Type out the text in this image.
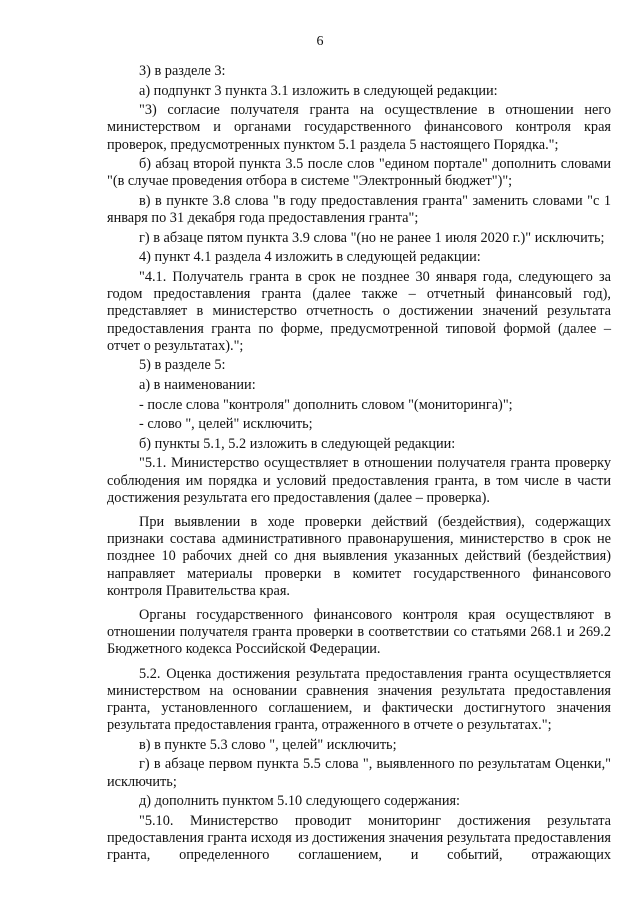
6

3) в разделе 3:

а) подпункт 3 пункта 3.1 изложить в следующей редакции:

"3) согласие получателя гранта на осуществление в отношении него министерством и органами государственного финансового контроля края проверок, предусмотренных пунктом 5.1 раздела 5 настоящего Порядка.";

б) абзац второй пункта 3.5 после слов "едином портале" дополнить словами "(в случае проведения отбора в системе "Электронный бюджет")";

в) в пункте 3.8 слова "в году предоставления гранта" заменить словами "с 1 января по 31 декабря года предоставления гранта";

г) в абзаце пятом пункта 3.9 слова "(но не ранее 1 июля 2020 г.)" исключить;

4) пункт 4.1 раздела 4 изложить в следующей редакции:

"4.1. Получатель гранта в срок не позднее 30 января года, следующего за годом предоставления гранта (далее также – отчетный финансовый год), представляет в министерство отчетность о достижении значений результата предоставления гранта по форме, предусмотренной типовой формой (далее – отчет о результатах).";

5) в разделе 5:

а) в наименовании:

- после слова "контроля" дополнить словом "(мониторинга)";

- слово ", целей" исключить;

б) пункты 5.1, 5.2 изложить в следующей редакции:

"5.1. Министерство осуществляет в отношении получателя гранта проверку соблюдения им порядка и условий предоставления гранта, в том числе в части достижения результата его предоставления (далее – проверка).

При выявлении в ходе проверки действий (бездействия), содержащих признаки состава административного правонарушения, министерство в срок не позднее 10 рабочих дней со дня выявления указанных действий (бездействия) направляет материалы проверки в комитет государственного финансового контроля Правительства края.

Органы государственного финансового контроля края осуществляют в отношении получателя гранта проверки в соответствии со статьями 268.1 и 269.2 Бюджетного кодекса Российской Федерации.

5.2. Оценка достижения результата предоставления гранта осуществляется министерством на основании сравнения значения результата предоставления гранта, установленного соглашением, и фактически достигнутого значения результата предоставления гранта, отраженного в отчете о результатах.";

в) в пункте 5.3 слово ", целей" исключить;

г) в абзаце первом пункта 5.5 слова ", выявленного по результатам Оценки," исключить;

д) дополнить пунктом 5.10 следующего содержания:

"5.10. Министерство проводит мониторинг достижения результата предоставления гранта исходя из достижения значения результата предоставления гранта, определенного соглашением, и событий, отражающих
